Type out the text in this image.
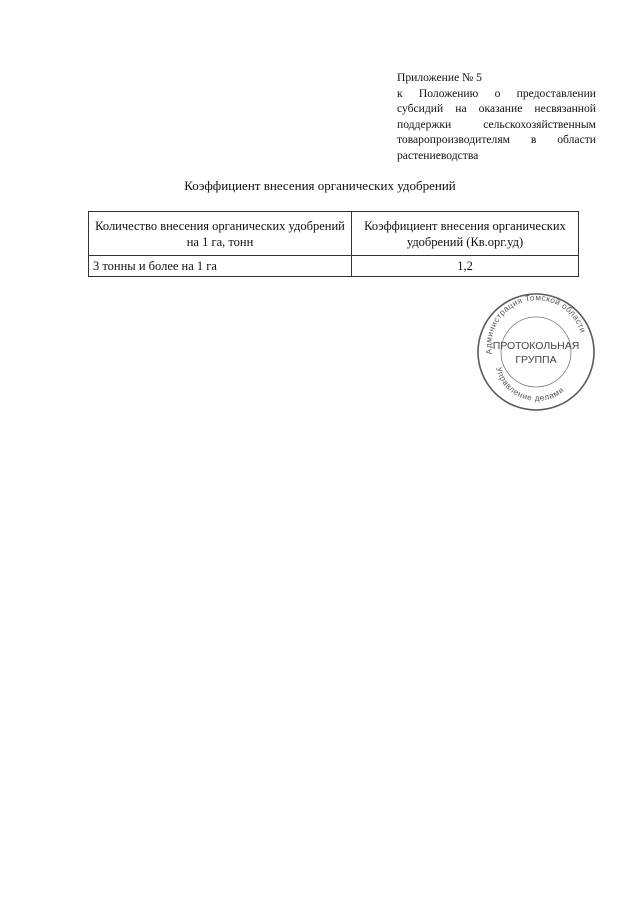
Приложение № 5
к Положению о предоставлении субсидий на оказание несвязанной поддержки сельскохозяйственным товаропроизводителям в области растениеводства
Коэффициент внесения органических удобрений
Количество внесения органических удобрений на 1 га, тонн	Коэффициент внесения органических удобрений (Кв.орг.уд)
3 тонны и более на 1 га	1,2
Администрация Томской области
Управление делами
ПРОТОКОЛЬНАЯ
ГРУППА
